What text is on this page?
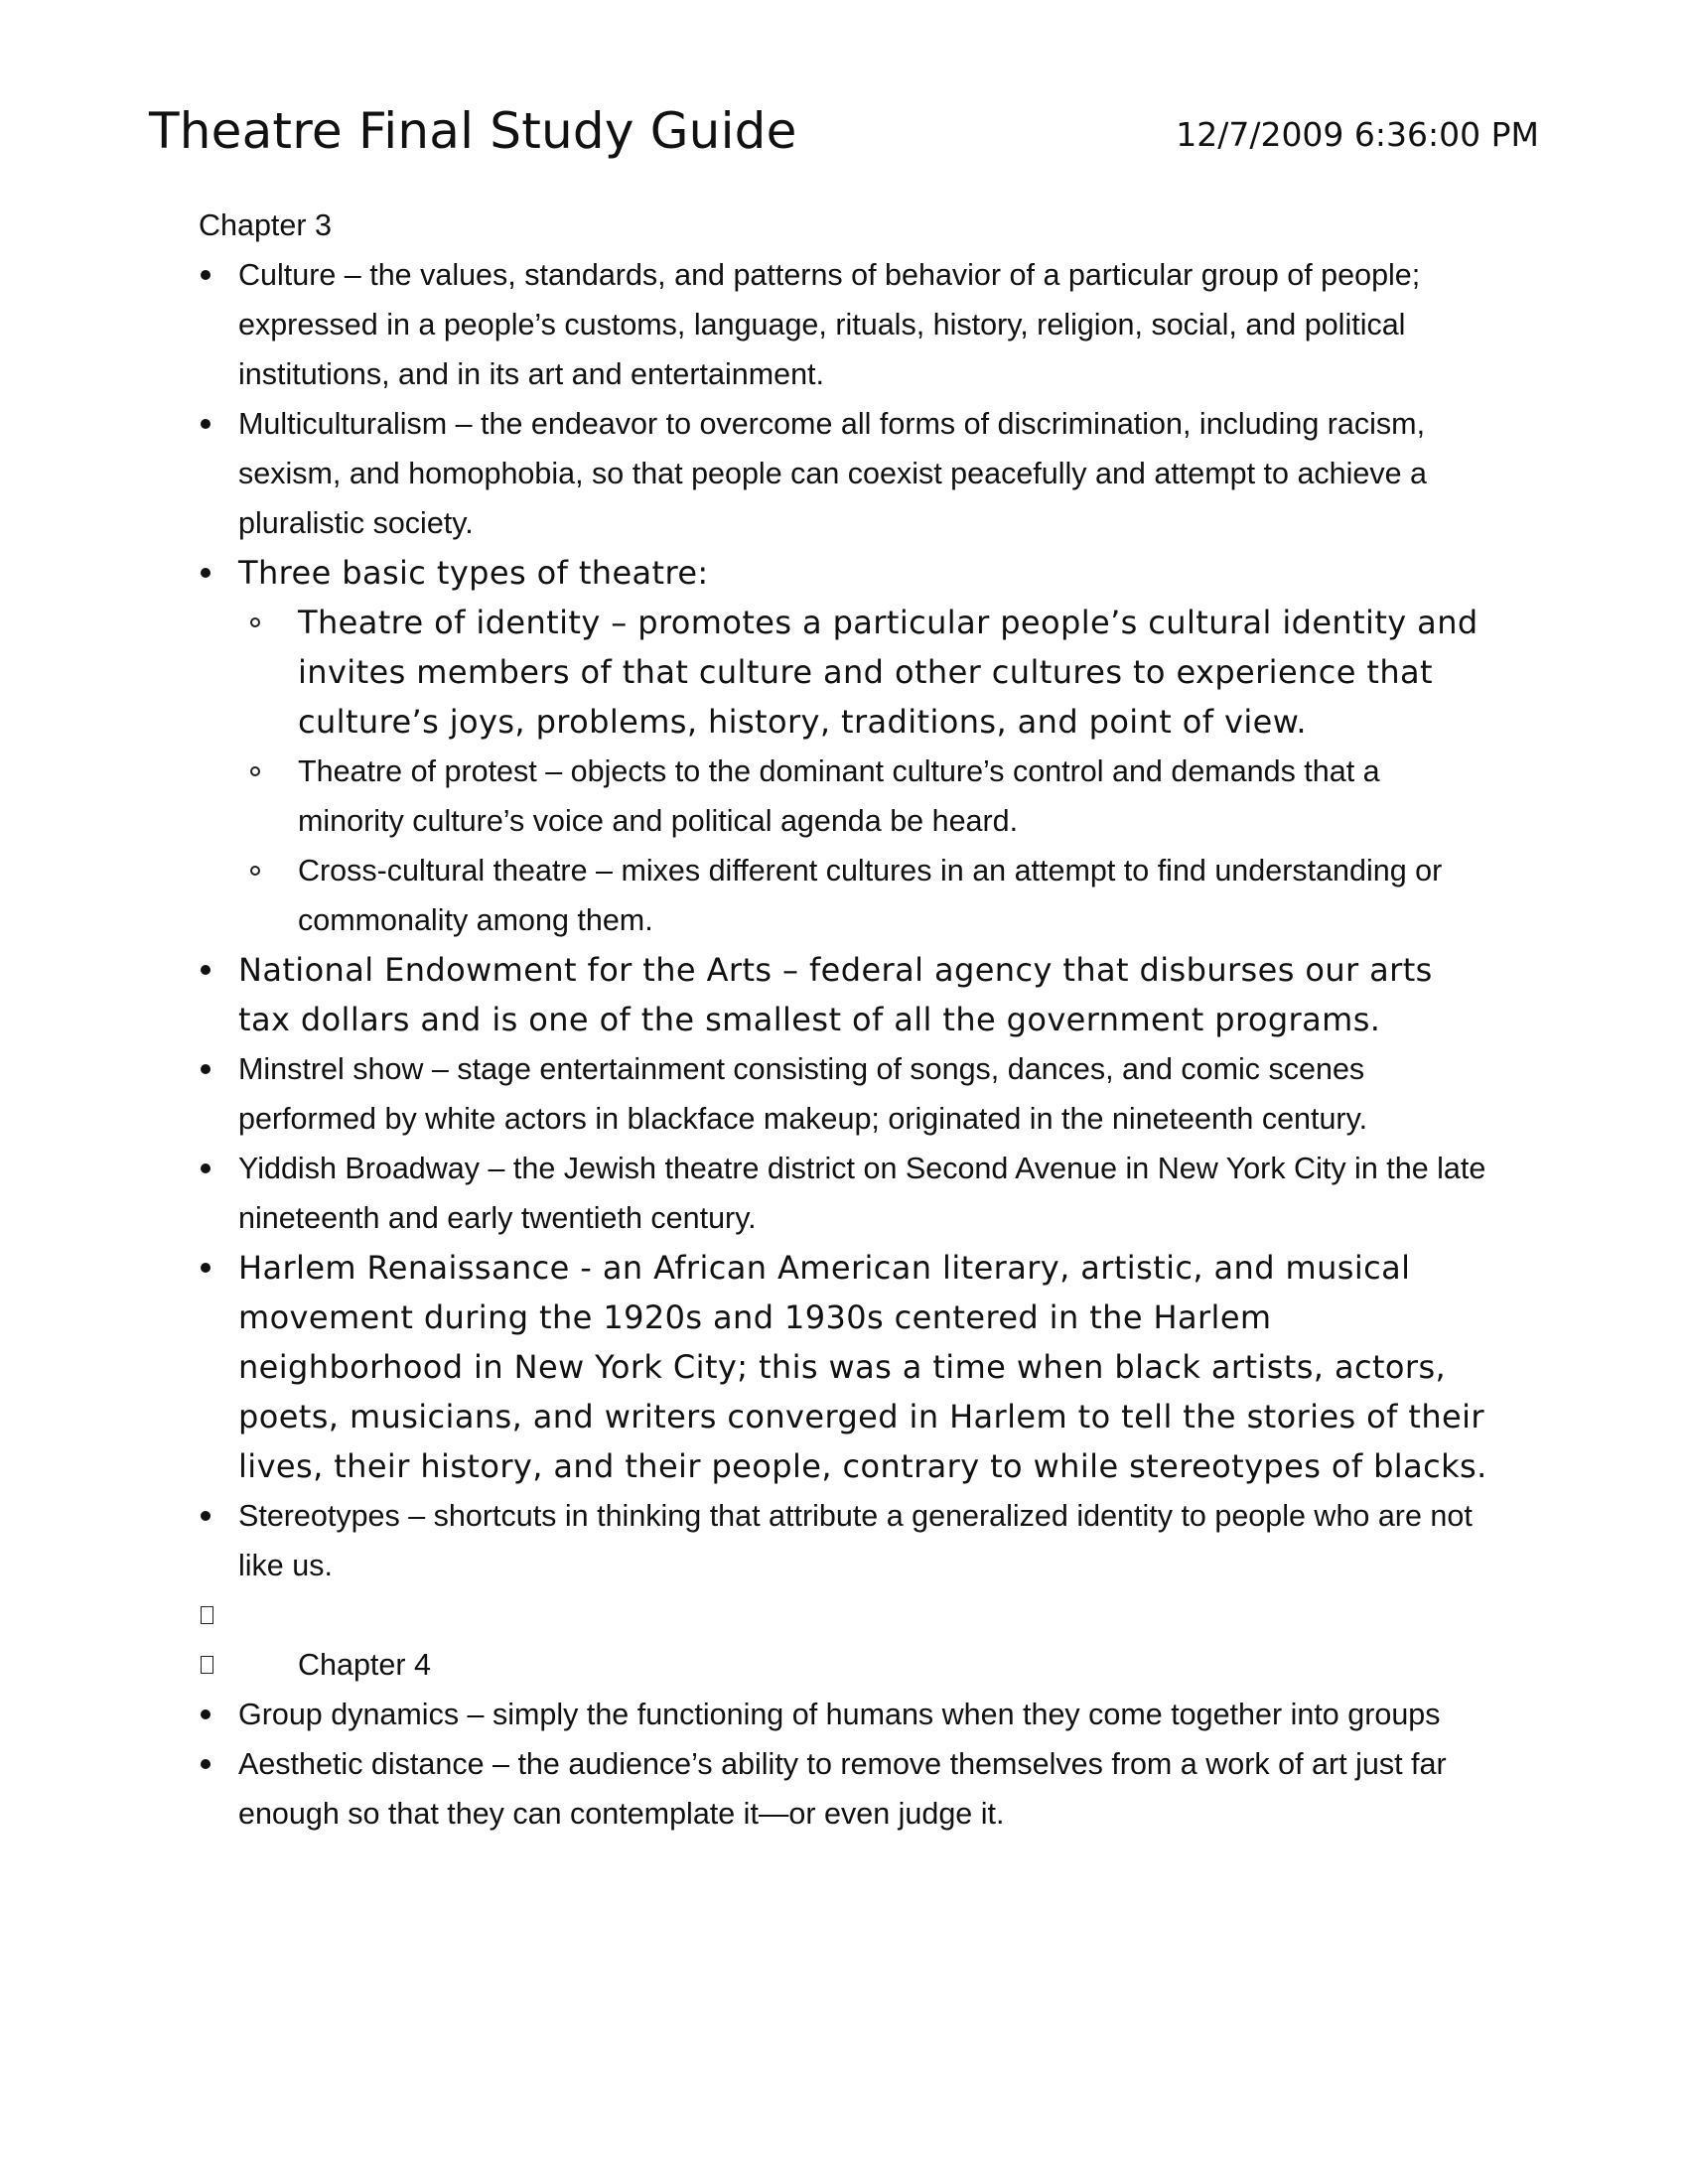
Theatre Final Study Guide	12/7/2009 6:36:00 PM
Chapter 3
Culture – the values, standards, and patterns of behavior of a particular group of people; expressed in a people’s customs, language, rituals, history, religion, social, and political institutions, and in its art and entertainment.
Multiculturalism – the endeavor to overcome all forms of discrimination, including racism, sexism, and homophobia, so that people can coexist peacefully and attempt to achieve a pluralistic society.
Three basic types of theatre:
Theatre of identity – promotes a particular people’s cultural identity and invites members of that culture and other cultures to experience that culture’s joys, problems, history, traditions, and point of view.
Theatre of protest – objects to the dominant culture’s control and demands that a minority culture’s voice and political agenda be heard.
Cross-cultural theatre – mixes different cultures in an attempt to find understanding or commonality among them.
National Endowment for the Arts – federal agency that disburses our arts tax dollars and is one of the smallest of all the government programs.
Minstrel show – stage entertainment consisting of songs, dances, and comic scenes performed by white actors in blackface makeup; originated in the nineteenth century.
Yiddish Broadway – the Jewish theatre district on Second Avenue in New York City in the late nineteenth and early twentieth century.
Harlem Renaissance - an African American literary, artistic, and musical movement during the 1920s and 1930s centered in the Harlem neighborhood in New York City; this was a time when black artists, actors, poets, musicians, and writers converged in Harlem to tell the stories of their lives, their history, and their people, contrary to while stereotypes of blacks.
Stereotypes – shortcuts in thinking that attribute a generalized identity to people who are not like us.
Chapter 4
Group dynamics – simply the functioning of humans when they come together into groups
Aesthetic distance – the audience’s ability to remove themselves from a work of art just far enough so that they can contemplate it—or even judge it.
